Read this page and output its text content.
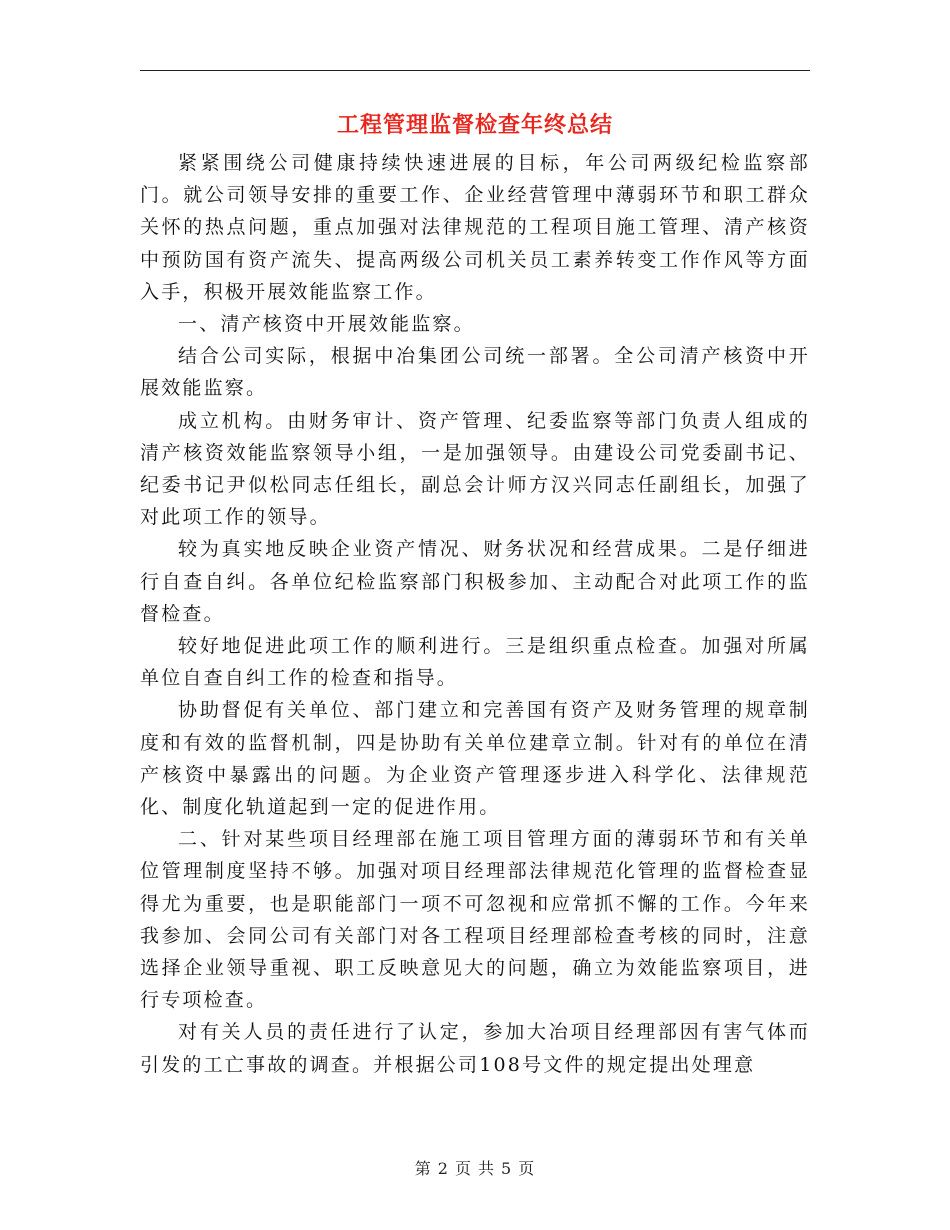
工程管理监督检查年终总结

紧紧围绕公司健康持续快速进展的目标，年公司两级纪检监察部门。就公司领导安排的重要工作、企业经营管理中薄弱环节和职工群众关怀的热点问题，重点加强对法律规范的工程项目施工管理、清产核资中预防国有资产流失、提高两级公司机关员工素养转变工作作风等方面入手，积极开展效能监察工作。

一、清产核资中开展效能监察。

结合公司实际，根据中冶集团公司统一部署。全公司清产核资中开展效能监察。

成立机构。由财务审计、资产管理、纪委监察等部门负责人组成的清产核资效能监察领导小组，一是加强领导。由建设公司党委副书记、纪委书记尹似松同志任组长，副总会计师方汉兴同志任副组长，加强了对此项工作的领导。

较为真实地反映企业资产情况、财务状况和经营成果。二是仔细进行自查自纠。各单位纪检监察部门积极参加、主动配合对此项工作的监督检查。

较好地促进此项工作的顺利进行。三是组织重点检查。加强对所属单位自查自纠工作的检查和指导。

协助督促有关单位、部门建立和完善国有资产及财务管理的规章制度和有效的监督机制，四是协助有关单位建章立制。针对有的单位在清产核资中暴露出的问题。为企业资产管理逐步进入科学化、法律规范化、制度化轨道起到一定的促进作用。

二、针对某些项目经理部在施工项目管理方面的薄弱环节和有关单位管理制度坚持不够。加强对项目经理部法律规范化管理的监督检查显得尤为重要，也是职能部门一项不可忽视和应常抓不懈的工作。今年来我参加、会同公司有关部门对各工程项目经理部检查考核的同时，注意选择企业领导重视、职工反映意见大的问题，确立为效能监察项目，进行专项检查。

对有关人员的责任进行了认定，参加大冶项目经理部因有害气体而引发的工亡事故的调查。并根据公司108号文件的规定提出处理意

第 2 页 共 5 页
